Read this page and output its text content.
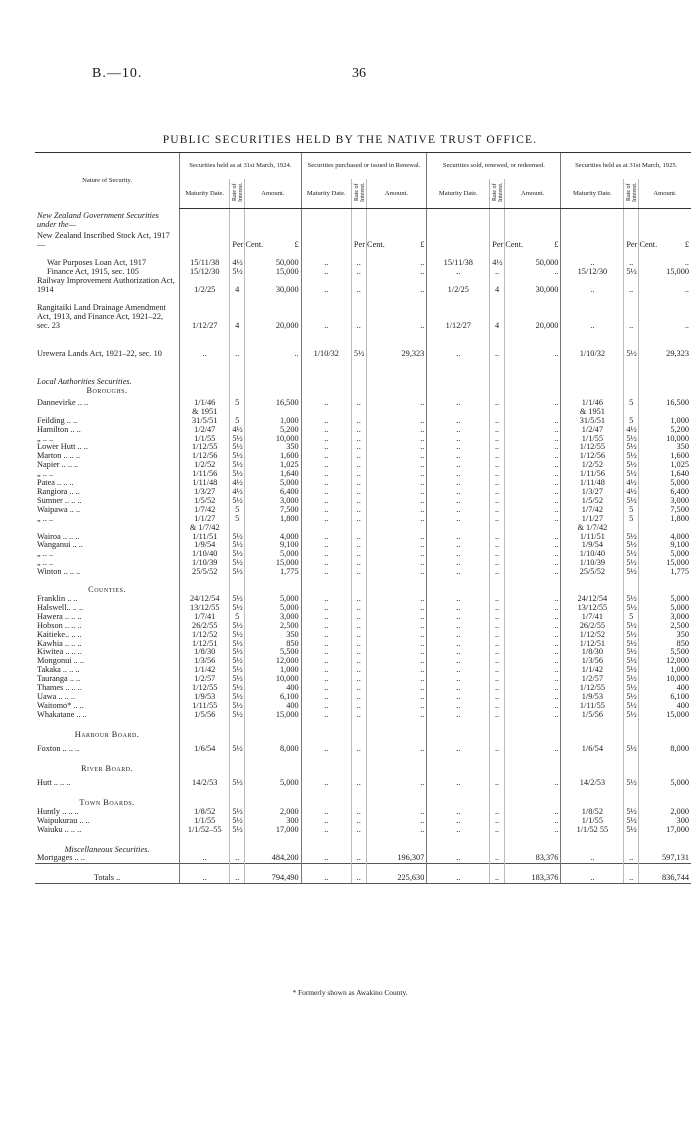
B.—10.	36
PUBLIC SECURITIES HELD BY THE NATIVE TRUST OFFICE.
Nature of Security.	Securities held as at 31st March, 1924.			Securities purchased or issued in Renewal.			Securities sold, renewed, or redeemed.			Securities held as at 31st March, 1925.		
	Maturity Date.	Rate of Interest.	Amount.	Maturity Date.	Rate of Interest.	Amount.	Maturity Date.	Rate of Interest.	Amount.	Maturity Date.	Rate of Interest.	Amount.
New Zealand Government Securities under the—												
New Zealand Inscribed Stock Act, 1917—		Per Cent.	£		Per Cent.	£		Per Cent.	£		Per Cent.	£
War Purposes Loan Act, 1917	15/11/38	4½	50,000	..	..	..	15/11/38	4½	50,000	..	..	..
Finance Act, 1915, sec. 105	15/12/30	5½	15,000	..	..	..	..	..	..	15/12/30	5½	15,000
Railway Improvement Authorization Act, 1914	1/2/25	4	30,000	..	..	..	1/2/25	4	30,000	..	..	..
Rangitaiki Land Drainage Amendment Act, 1913, and Finance Act, 1921–22, sec. 23	1/12/27	4	20,000	..	..	..	1/12/27	4	20,000	..	..	..
Urewera Lands Act, 1921–22, sec. 10	..	..	..	1/10/32	5½	29,323	..	..	..	1/10/32	5½	29,323
Local Authorities Securities.												
Boroughs.												
Dannevirke .. ..	1/1/46	5	16,500	..	..	..	..	..	..	1/1/46	5	16,500
	& 1951									& 1951		
Feilding .. ..	31/5/51	5	1,000	..	..	..	..	..	..	31/5/51	5	1,000
Hamilton .. ..	1/2/47	4½	5,200	..	..	..	..	..	..	1/2/47	4½	5,200
„ .. ..	1/1/55	5½	10,000	..	..	..	..	..	..	1/1/55	5½	10,000
Lower Hutt .. ..	1/12/55	5½	350	..	..	..	..	..	..	1/12/55	5½	350
Marton .. .. ..	1/12/56	5½	1,600	..	..	..	..	..	..	1/12/56	5½	1,600
Napier .. .. ..	1/2/52	5½	1,025	..	..	..	..	..	..	1/2/52	5½	1,025
„ .. ..	1/11/56	5½	1,640	..	..	..	..	..	..	1/11/56	5½	1,640
Patea .. .. ..	1/11/48	4½	5,000	..	..	..	..	..	..	1/11/48	4½	5,000
Rangiora .. ..	1/3/27	4½	6,400	..	..	..	..	..	..	1/3/27	4½	6,400
Sumner .. .. ..	1/5/52	5½	3,000	..	..	..	..	..	..	1/5/52	5½	3,000
Waipawa .. ..	1/7/42	5	7,500	..	..	..	..	..	..	1/7/42	5	7,500
„ .. ..	1/1/27	5	1,800	..	..	..	..	..	..	1/1/27	5	1,800
	& 1/7/42									& 1/7/42		
Wairoa .. .. ..	1/11/51	5½	4,000	..	..	..	..	..	..	1/11/51	5½	4,000
Wanganui .. ..	1/9/54	5½	9,100	..	..	..	..	..	..	1/9/54	5½	9,100
„ .. ..	1/10/40	5½	5,000	..	..	..	..	..	..	1/10/40	5½	5,000
„ .. ..	1/10/39	5½	15,000	..	..	..	..	..	..	1/10/39	5½	15,000
Winton .. .. ..	25/5/52	5½	1,775	..	..	..	..	..	..	25/5/52	5½	1,775
Counties.												
Franklin .. ..	24/12/54	5½	5,000	..	..	..	..	..	..	24/12/54	5½	5,000
Halswell.. .. ..	13/12/55	5½	5,000	..	..	..	..	..	..	13/12/55	5½	5,000
Hawera .. .. ..	1/7/41	5	3,000	..	..	..	..	..	..	1/7/41	5	3,000
Hobson .. .. ..	26/2/55	5½	2,500	..	..	..	..	..	..	26/2/55	5½	2,500
Kaitieke.. .. ..	1/12/52	5½	350	..	..	..	..	..	..	1/12/52	5½	350
Kawhia .. .. ..	1/12/51	5½	850	..	..	..	..	..	..	1/12/51	5½	850
Kiwitea .. .. ..	1/8/30	5½	5,500	..	..	..	..	..	..	1/8/30	5½	5,500
Mongonui .. ..	1/3/56	5½	12,000	..	..	..	..	..	..	1/3/56	5½	12,000
Takaka .. .. ..	1/1/42	5½	1,000	..	..	..	..	..	..	1/1/42	5½	1,000
Tauranga .. ..	1/2/57	5½	10,000	..	..	..	..	..	..	1/2/57	5½	10,000
Thames .. .. ..	1/12/55	5½	400	..	..	..	..	..	..	1/12/55	5½	400
Uawa .. .. ..	1/9/53	5½	6,100	..	..	..	..	..	..	1/9/53	5½	6,100
Waitomo* .. ..	1/11/55	5½	400	..	..	..	..	..	..	1/11/55	5½	400
Whakatane .. ..	1/5/56	5½	15,000	..	..	..	..	..	..	1/5/56	5½	15,000
Harbour Board.												
Foxton .. .. ..	1/6/54	5½	8,000	..	..	..	..	..	..	1/6/54	5½	8,000
River Board.												
Hutt .. .. ..	14/2/53	5½	5,000	..	..	..	..	..	..	14/2/53	5½	5,000
Town Boards.												
Huntly .. .. ..	1/8/52	5½	2,000	..	..	..	..	..	..	1/8/52	5½	2,000
Waipukurau .. ..	1/1/55	5½	300	..	..	..	..	..	..	1/1/55	5½	300
Waiuku .. .. ..	1/1/52–55	5½	17,000	..	..	..	..	..	..	1/1/52 55	5½	17,000
Miscellaneous Securities.												
Mortgages .. ..	..	..	484,200	..	..	196,307	..	..	83,376	..	..	597,131
Totals ..	..	..	794,490	..	..	225,630	..	..	183,376	..	..	836,744
* Formerly shown as Awakino County.
